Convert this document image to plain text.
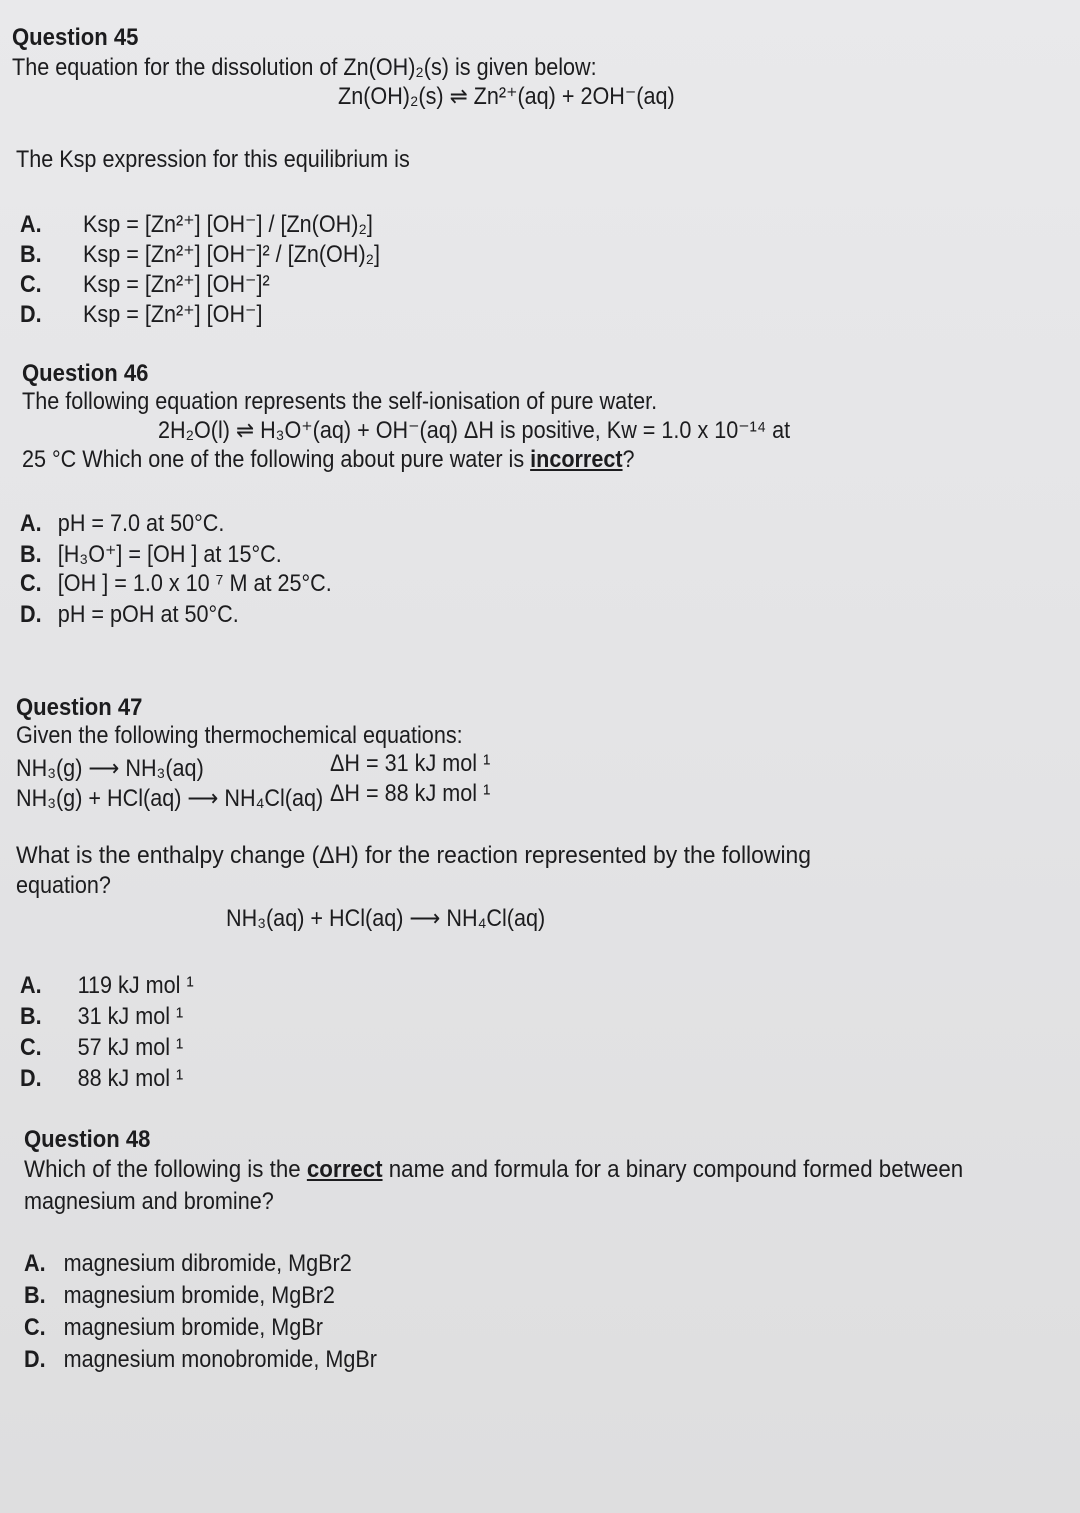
Question 45
The equation for the dissolution of Zn(OH)₂(s) is given below:
Zn(OH)₂(s) ⇌ Zn²⁺(aq) + 2OH⁻(aq)
The Ksp expression for this equilibrium is
A. Ksp = [Zn²⁺] [OH⁻] / [Zn(OH)₂]
B. Ksp = [Zn²⁺] [OH⁻]² / [Zn(OH)₂]
C. Ksp = [Zn²⁺] [OH⁻]²
D. Ksp = [Zn²⁺] [OH⁻]
Question 46
The following equation represents the self-ionisation of pure water.
2H₂O(l) ⇌ H₃O⁺(aq) + OH⁻(aq) ΔH is positive, Kw = 1.0 x 10⁻¹⁴ at
25 °C Which one of the following about pure water is incorrect?
A. pH = 7.0 at 50°C.
B. [H₃O⁺] = [OH ] at 15°C.
C. [OH ] = 1.0 x 10 ⁷ M at 25°C.
D. pH = pOH at 50°C.
Question 47
Given the following thermochemical equations:
NH₃(g) ⟶ NH₃(aq)	ΔH = 31 kJ mol ¹
NH₃(g) + HCl(aq) ⟶ NH₄Cl(aq) ΔH = 88 kJ mol ¹
What is the enthalpy change (ΔH) for the reaction represented by the following
equation?
NH₃(aq) + HCl(aq) ⟶ NH₄Cl(aq)
A. 119 kJ mol ¹
B. 31 kJ mol ¹
C. 57 kJ mol ¹
D. 88 kJ mol ¹
Question 48
Which of the following is the correct name and formula for a binary compound formed between
magnesium and bromine?
A. magnesium dibromide, MgBr2
B. magnesium bromide, MgBr2
C. magnesium bromide, MgBr
D. magnesium monobromide, MgBr
